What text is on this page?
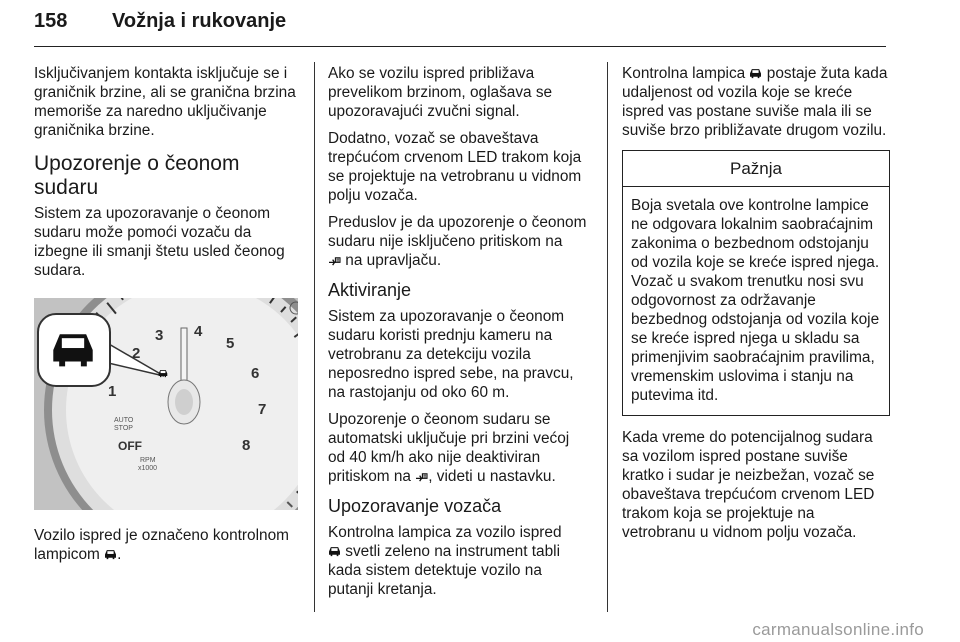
158 Vožnja i rukovanje

Isključivanjem kontakta isključuje se i graničnik brzine, ali se granična brzina memoriše za naredno uključivanje graničnika brzine.

Upozorenje o čeonom sudaru

Sistem za upozoravanje o čeonom sudaru može pomoći vozaču da izbegne ili smanji štetu usled čeonog sudara.

1
2
3 4
5
6
7
8
AUTO
STOP
RPM
x1000
OFF

Vozilo ispred je označeno kontrolnom lampicom .

Ako se vozilu ispred približava prevelikom brzinom, oglašava se upozoravajući zvučni signal.

Dodatno, vozač se obaveštava trepćućom crvenom LED trakom koja se projektuje na vetrobranu u vidnom polju vozača.

Preduslov je da upozorenje o čeonom sudaru nije isključeno pritiskom na
na upravljaču.

Aktiviranje

Sistem za upozoravanje o čeonom sudaru koristi prednju kameru na vetrobranu za detekciju vozila neposredno ispred sebe, na pravcu, na rastojanju od oko 60 m.

Upozorenje o čeonom sudaru se automatski uključuje pri brzini većoj od 40 km/h ako nije deaktiviran pritiskom na , videti u nastavku.

Upozoravanje vozača

Kontrolna lampica za vozilo ispred
svetli zeleno na instrument tabli kada sistem detektuje vozilo na putanji kretanja.

Kontrolna lampica  postaje žuta kada udaljenost od vozila koje se kreće ispred vas postane suviše mala ili se suviše brzo približavate drugom vozilu.

Pažnja
Boja svetala ove kontrolne lampice ne odgovara lokalnim saobraćajnim zakonima o bezbednom odstojanju od vozila koje se kreće ispred njega. Vozač u svakom trenutku nosi svu odgovornost za održavanje bezbednog odstojanja od vozila koje se kreće ispred njega u skladu sa primenjivim saobraćajnim pravilima, vremenskim uslovima i stanju na putevima itd.

Kada vreme do potencijalnog sudara sa vozilom ispred postane suviše kratko i sudar je neizbežan, vozač se obaveštava trepćućom crvenom LED trakom koja se projektuje na vetrobranu u vidnom polju vozača.

carmanualsonline.info
